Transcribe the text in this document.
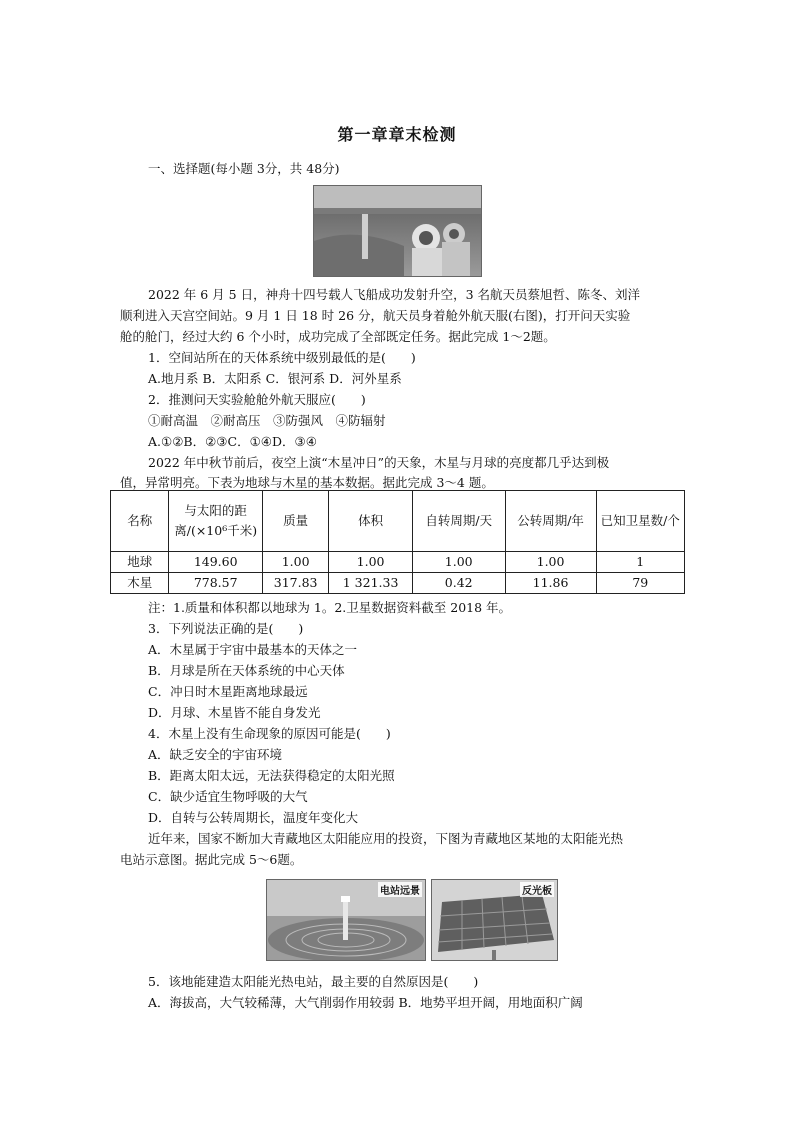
第一章章末检测
一、选择题(每小题 3分，共 48分)
2022 年 6 月 5 日，神舟十四号载人飞船成功发射升空，3 名航天员蔡旭哲、陈冬、刘洋
顺利进入天宫空间站。9 月 1 日 18 时 26 分，航天员身着舱外航天服(右图)，打开问天实验
舱的舱门，经过大约 6 个小时，成功完成了全部既定任务。据此完成 1～2题。
1．空间站所在的天体系统中级别最低的是(　　)
A.地月系 B．太阳系 C．银河系 D．河外星系
2．推测问天实验舱舱外航天服应(　　)
①耐高温　②耐高压　③防强风　④防辐射
A.①②B．②③C．①④D．③④
2022 年中秋节前后，夜空上演“木星冲日”的天象，木星与月球的亮度都几乎达到极
值，异常明亮。下表为地球与木星的基本数据。据此完成 3～4 题。
名称	与太阳的距离/(×10⁶千米)	质量	体积	自转周期/天	公转周期/年	已知卫星数/个
地球	149.60	1.00	1.00	1.00	1.00	1
木星	778.57	317.83	1 321.33	0.42	11.86	79
注：1.质量和体积都以地球为 1。2.卫星数据资料截至 2018 年。
3．下列说法正确的是(　　)
A．木星属于宇宙中最基本的天体之一
B．月球是所在天体系统的中心天体
C．冲日时木星距离地球最远
D．月球、木星皆不能自身发光
4．木星上没有生命现象的原因可能是(　　)
A．缺乏安全的宇宙环境
B．距离太阳太远，无法获得稳定的太阳光照
C．缺少适宜生物呼吸的大气
D．自转与公转周期长，温度年变化大
近年来，国家不断加大青藏地区太阳能应用的投资，下图为青藏地区某地的太阳能光热
电站示意图。据此完成 5～6题。
电站远景	反光板
5．该地能建造太阳能光热电站，最主要的自然原因是(　　)
A．海拔高，大气较稀薄，大气削弱作用较弱 B．地势平坦开阔，用地面积广阔
